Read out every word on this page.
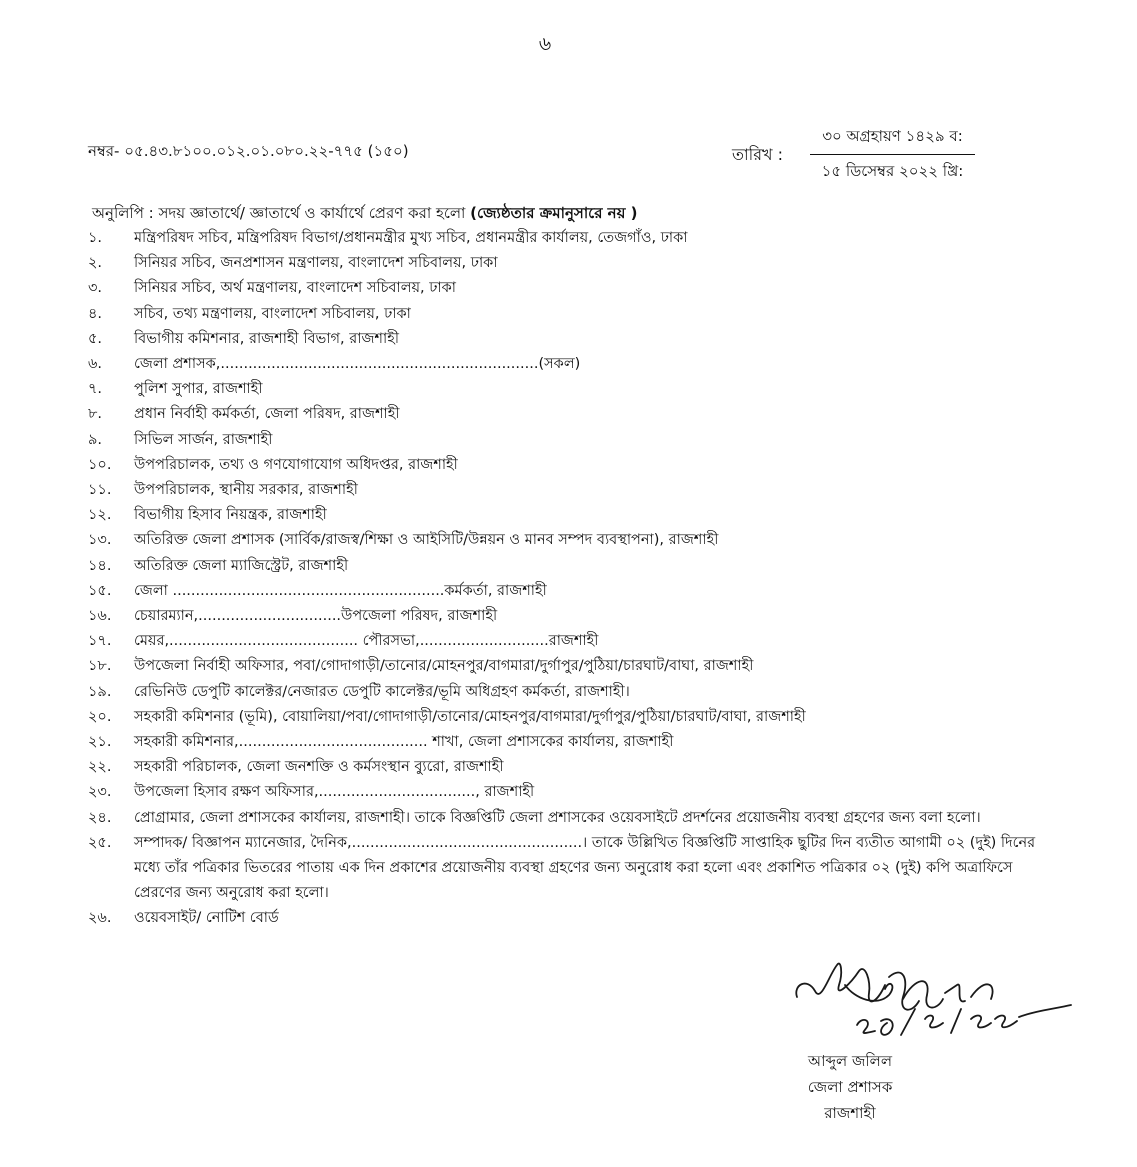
৬
নম্বর- ০৫.৪৩.৮১০০.০১২.০১.০৮০.২২-৭৭৫ (১৫০)	তারিখ :
৩০ অগ্রহায়ণ ১৪২৯ ব:
১৫ ডিসেম্বর ২০২২ খ্রি:
অনুলিপি : সদয় জ্ঞাতার্থে/ জ্ঞাতার্থে ও কার্যার্থে প্রেরণ করা হলো (জ্যেষ্ঠতার ক্রমানুসারে নয় )
১.	মন্ত্রিপরিষদ সচিব, মন্ত্রিপরিষদ বিভাগ/প্রধানমন্ত্রীর মুখ্য সচিব, প্রধানমন্ত্রীর কার্যালয়, তেজগাঁও, ঢাকা
২.	সিনিয়র সচিব, জনপ্রশাসন মন্ত্রণালয়, বাংলাদেশ সচিবালয়, ঢাকা
৩.	সিনিয়র সচিব, অর্থ মন্ত্রণালয়, বাংলাদেশ সচিবালয়, ঢাকা
৪.	সচিব, তথ্য মন্ত্রণালয়, বাংলাদেশ সচিবালয়, ঢাকা
৫.	বিভাগীয় কমিশনার, রাজশাহী বিভাগ, রাজশাহী
৬.	জেলা প্রশাসক,.....................................................................(সকল)
৭.	পুলিশ সুপার, রাজশাহী
৮.	প্রধান নির্বাহী কর্মকর্তা, জেলা পরিষদ, রাজশাহী
৯.	সিভিল সার্জন, রাজশাহী
১০.	উপপরিচালক, তথ্য ও গণযোগাযোগ অধিদপ্তর, রাজশাহী
১১.	উপপরিচালক, স্থানীয় সরকার, রাজশাহী
১২.	বিভাগীয় হিসাব নিয়ন্ত্রক, রাজশাহী
১৩.	অতিরিক্ত জেলা প্রশাসক (সার্বিক/রাজস্ব/শিক্ষা ও আইসিটি/উন্নয়ন ও মানব সম্পদ ব্যবস্থাপনা), রাজশাহী
১৪.	অতিরিক্ত জেলা ম্যাজিস্ট্রেট, রাজশাহী
১৫.	জেলা ...........................................................কর্মকর্তা, রাজশাহী
১৬.	চেয়ারম্যান,...............................উপজেলা পরিষদ, রাজশাহী
১৭.	মেয়র,......................................... পৌরসভা,............................রাজশাহী
১৮.	উপজেলা নির্বাহী অফিসার, পবা/গোদাগাড়ী/তানোর/মোহনপুর/বাগমারা/দুর্গাপুর/পুঠিয়া/চারঘাট/বাঘা, রাজশাহী
১৯.	রেভিনিউ ডেপুটি কালেক্টর/নেজারত ডেপুটি কালেক্টর/ভূমি অধিগ্রহণ কর্মকর্তা, রাজশাহী।
২০.	সহকারী কমিশনার (ভূমি), বোয়ালিয়া/পবা/গোদাগাড়ী/তানোর/মোহনপুর/বাগমারা/দুর্গাপুর/পুঠিয়া/চারঘাট/বাঘা, রাজশাহী
২১.	সহকারী কমিশনার,......................................... শাখা, জেলা প্রশাসকের কার্যালয়, রাজশাহী
২২.	সহকারী পরিচালক, জেলা জনশক্তি ও কর্মসংস্থান ব্যুরো, রাজশাহী
২৩.	উপজেলা হিসাব রক্ষণ অফিসার,.................................., রাজশাহী
২৪.	প্রোগ্রামার, জেলা প্রশাসকের কার্যালয়, রাজশাহী। তাকে বিজ্ঞপ্তিটি জেলা প্রশাসকের ওয়েবসাইটে প্রদর্শনের প্রয়োজনীয় ব্যবস্থা গ্রহণের জন্য বলা হলো।
২৫.	সম্পাদক/ বিজ্ঞাপন ম্যানেজার, দৈনিক,..................................................। তাকে উল্লিখিত বিজ্ঞপ্তিটি সাপ্তাহিক ছুটির দিন ব্যতীত আগামী ০২ (দুই) দিনের মধ্যে তাঁর পত্রিকার ভিতরের পাতায় এক দিন প্রকাশের প্রয়োজনীয় ব্যবস্থা গ্রহণের জন্য অনুরোধ করা হলো এবং প্রকাশিত পত্রিকার ০২ (দুই) কপি অত্রাফিসে প্রেরণের জন্য অনুরোধ করা হলো।
২৬.	ওয়েবসাইট/ নোটিশ বোর্ড
আব্দুল জলিল
জেলা প্রশাসক
রাজশাহী
